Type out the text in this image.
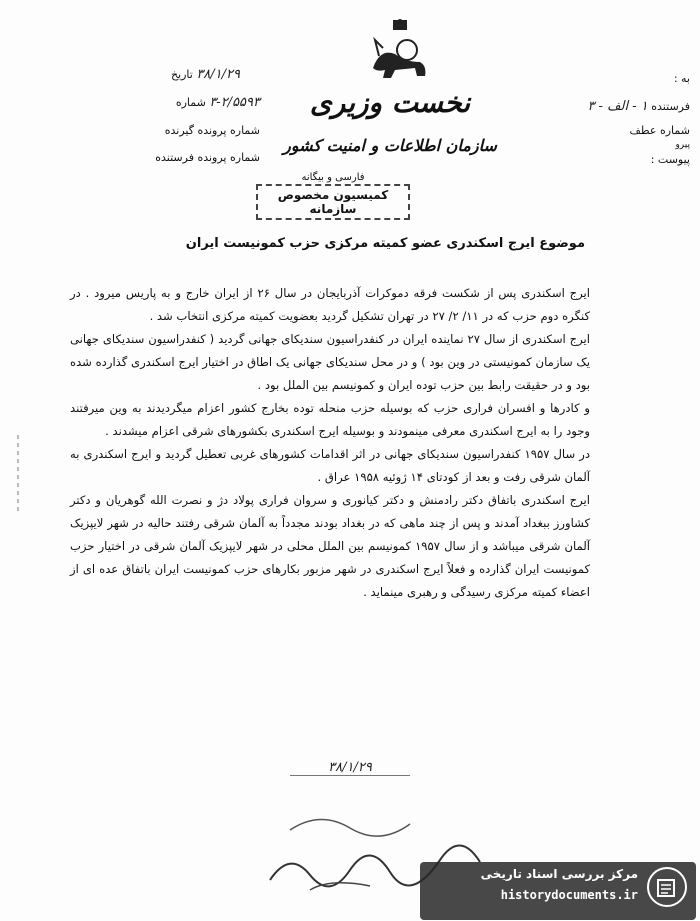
به :
فرستنده ۱ - الف - ۳
شماره عطف
پیرو
پیوست :
۳۸/۱/۲۹ تاریخ
۳-۲/۵۵۹۳ شماره
شماره پرونده گیرنده
شماره پرونده فرستنده
نخست وزیری
سازمان اطلاعات و امنیت کشور
فارسی و بیگانه
کمیسیون مخصوص سازمانه
موضوع ایرج اسکندری عضو کمیته مرکزی حزب کمونیست ایران

ایرج اسکندری پس از شکست فرقه دموکرات آذربایجان در سال ۲۶ از ایران خارج و به پاریس میرود . در کنگره دوم حزب که در ۱۱/ ۲/ ۲۷ در تهران تشکیل گردید بعضویت کمیته مرکزی انتخاب شد .

ایرج اسکندری از سال ۲۷ نماینده ایران در کنفدراسیون سندیکای جهانی گردید ( کنفدراسیون سندیکای جهانی یک سازمان کمونیستی در وین بود ) و در محل سندیکای جهانی یک اطاق در اختیار ایرج اسکندری گذارده شده بود و در حقیقت رابط بین حزب توده ایران و کمونیسم بین الملل بود .

و کادرها و افسران فراری حزب که بوسیله حزب منحله توده بخارج کشور اعزام میگردیدند به وین میرفتند وجود را به ایرج اسکندری معرفی مینمودند و بوسیله ایرج اسکندری بکشورهای شرقی اعزام میشدند .

در سال ۱۹۵۷ کنفدراسیون سندیکای جهانی در اثر اقدامات کشورهای غربی تعطیل گردید و ایرج اسکندری به آلمان شرقی رفت و بعد از کودتای ۱۴ ژوئیه ۱۹۵۸ عراق .

ایرج اسکندری باتفاق دکتر رادمنش و دکتر کیانوری و سروان فراری پولاد دژ و نصرت الله گوهریان و دکتر کشاورز ببغداد آمدند و پس از چند ماهی که در بغداد بودند مجدداً به آلمان شرقی رفتند حالیه در شهر لایپزیک آلمان شرقی میباشد و از سال ۱۹۵۷ کمونیسم بین الملل محلی در شهر لایپزیک آلمان شرقی در اختیار حزب کمونیست ایران گذارده و فعلاً ایرج اسکندری در شهر مزبور بکارهای حزب کمونیست ایران باتفاق عده ای از اعضاء کمیته مرکزی رسیدگی و رهبری مینماید .

۳۸/۱/۲۹
مرکز بررسی اسناد تاریخی
historydocuments.ir
